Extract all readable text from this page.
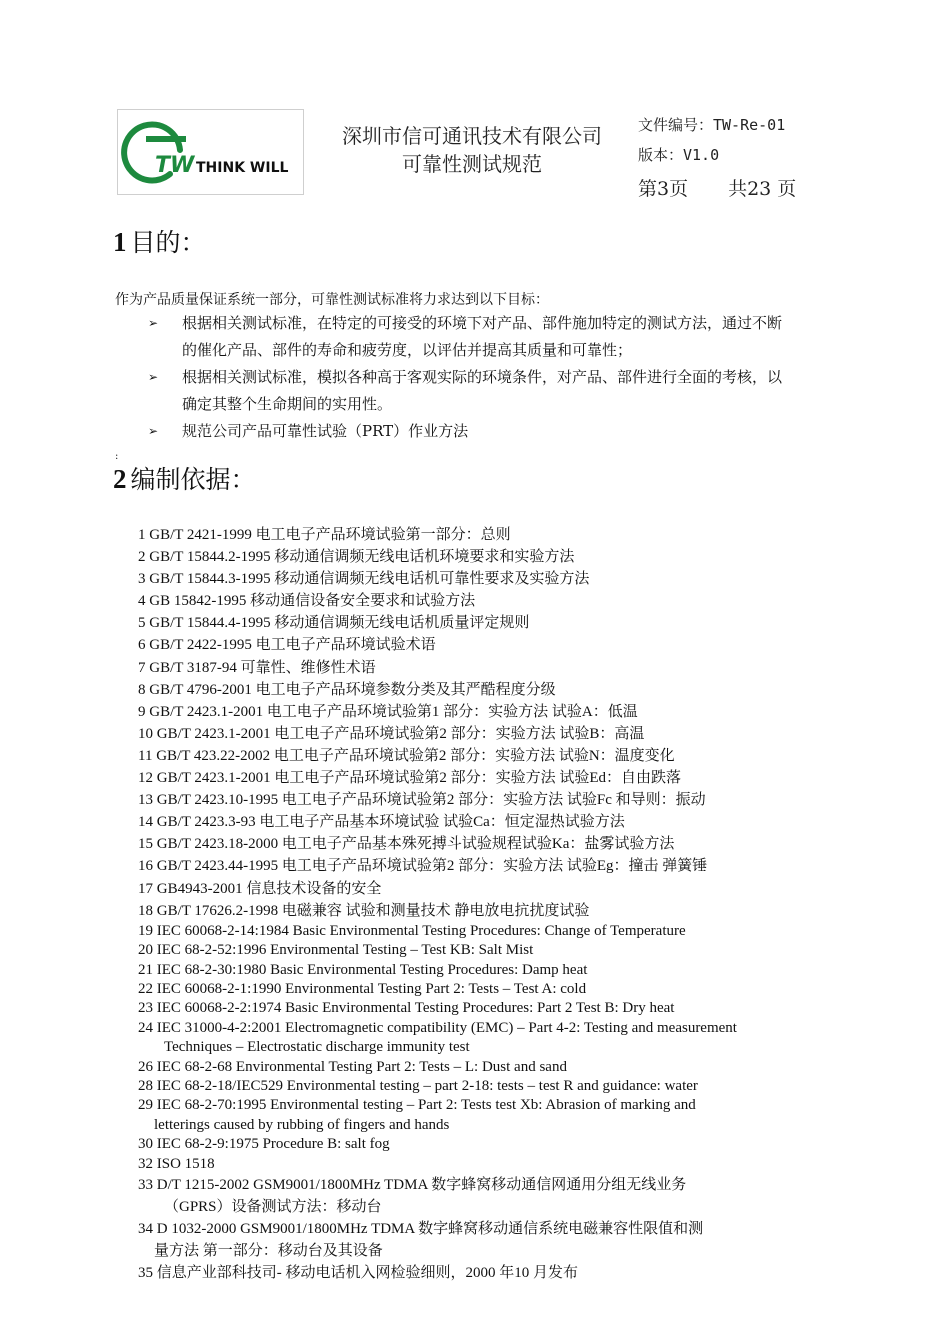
TW THINK WILL
深圳市信可通讯技术有限公司
可靠性测试规范
文件编号：TW-Re-01
版本：V1.0
第3页 共23 页
1 目的：
作为产品质量保证系统一部分，可靠性测试标准将力求达到以下目标：
➢ 根据相关测试标准，在特定的可接受的环境下对产品、部件施加特定的测试方法，通过不断
的催化产品、部件的寿命和疲劳度，以评估并提高其质量和可靠性；
➢ 根据相关测试标准，模拟各种高于客观实际的环境条件，对产品、部件进行全面的考核，以
确定其整个生命期间的实用性。
➢ 规范公司产品可靠性试验（PRT）作业方法
:
2 编制依据：
1 GB/T 2421-1999 电工电子产品环境试验第一部分：总则
2 GB/T 15844.2-1995 移动通信调频无线电话机环境要求和实验方法
3 GB/T 15844.3-1995 移动通信调频无线电话机可靠性要求及实验方法
4 GB 15842-1995 移动通信设备安全要求和试验方法
5 GB/T 15844.4-1995 移动通信调频无线电话机质量评定规则
6 GB/T 2422-1995 电工电子产品环境试验术语
7 GB/T 3187-94 可靠性、维修性术语
8 GB/T 4796-2001 电工电子产品环境参数分类及其严酷程度分级
9 GB/T 2423.1-2001 电工电子产品环境试验第1 部分：实验方法 试验A：低温
10 GB/T 2423.1-2001 电工电子产品环境试验第2 部分：实验方法 试验B：高温
11 GB/T 423.22-2002 电工电子产品环境试验第2 部分：实验方法 试验N：温度变化
12 GB/T 2423.1-2001 电工电子产品环境试验第2 部分：实验方法 试验Ed：自由跌落
13 GB/T 2423.10-1995 电工电子产品环境试验第2 部分：实验方法 试验Fc 和导则：振动
14 GB/T 2423.3-93 电工电子产品基本环境试验 试验Ca：恒定湿热试验方法
15 GB/T 2423.18-2000 电工电子产品基本殊死搏斗试验规程试验Ka：盐雾试验方法
16 GB/T 2423.44-1995 电工电子产品环境试验第2 部分：实验方法 试验Eg：撞击 弹簧锤
17 GB4943-2001 信息技术设备的安全
18 GB/T 17626.2-1998 电磁兼容 试验和测量技术 静电放电抗扰度试验
19 IEC 60068-2-14:1984 Basic Environmental Testing Procedures: Change of Temperature
20 IEC 68-2-52:1996 Environmental Testing – Test KB: Salt Mist
21 IEC 68-2-30:1980 Basic Environmental Testing Procedures: Damp heat
22 IEC 60068-2-1:1990 Environmental Testing Part 2: Tests – Test A: cold
23 IEC 60068-2-2:1974 Basic Environmental Testing Procedures: Part 2 Test B: Dry heat
24 IEC 31000-4-2:2001 Electromagnetic compatibility (EMC) – Part 4-2: Testing and measurement
Techniques – Electrostatic discharge immunity test
26 IEC 68-2-68 Environmental Testing Part 2: Tests – L: Dust and sand
28 IEC 68-2-18/IEC529 Environmental testing – part 2-18: tests – test R and guidance: water
29 IEC 68-2-70:1995 Environmental testing – Part 2: Tests test Xb: Abrasion of marking and
letterings caused by rubbing of fingers and hands
30 IEC 68-2-9:1975 Procedure B: salt fog
32 ISO 1518
33 D/T 1215-2002 GSM9001/1800MHz TDMA 数字蜂窝移动通信网通用分组无线业务
（GPRS）设备测试方法：移动台
34 D 1032-2000 GSM9001/1800MHz TDMA 数字蜂窝移动通信系统电磁兼容性限值和测
量方法 第一部分：移动台及其设备
35 信息产业部科技司- 移动电话机入网检验细则，2000 年10 月发布
